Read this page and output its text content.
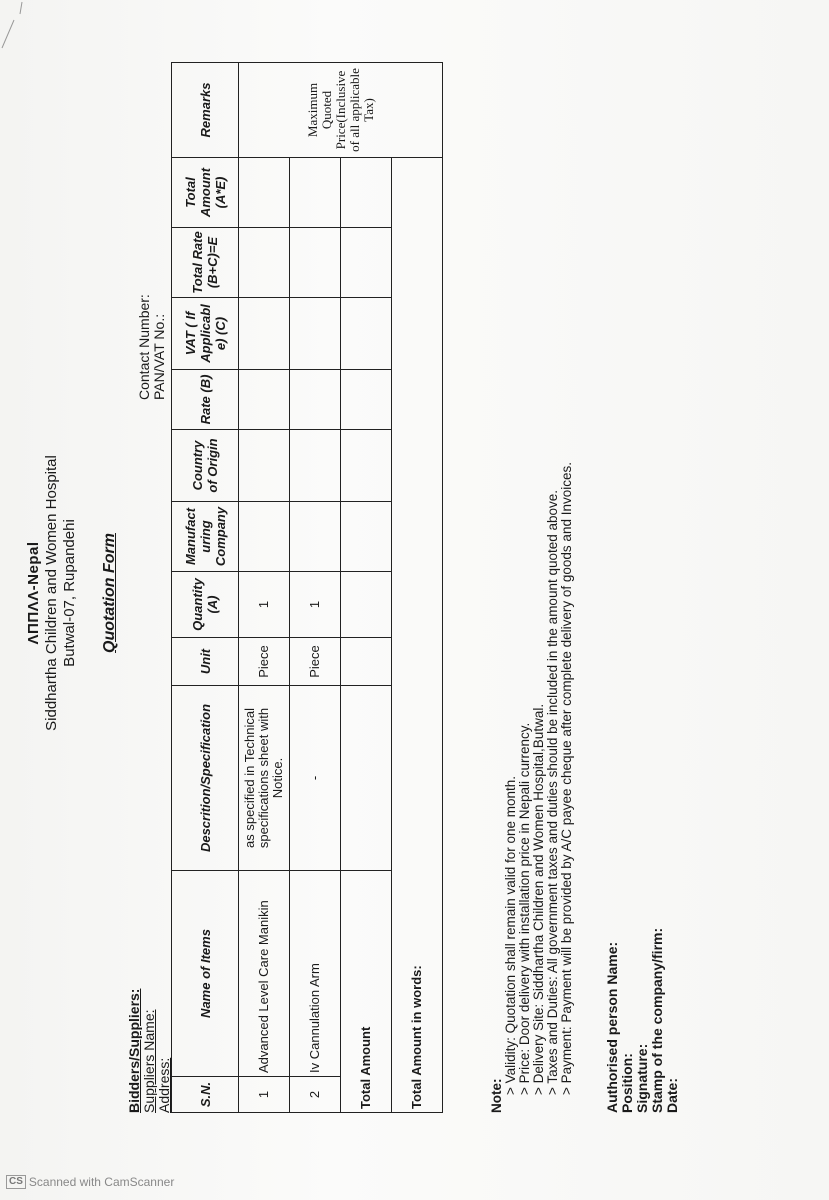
ΛΠΠΛΛ-Nepal Siddhartha Children and Women Hospital Butwal-07, Rupandehi Quotation Form
Bidders/Suppliers: Suppliers Name: Address:
Contact Number: PAN/VAT No.:
S.N.	Name of Items	Descrition/Specification	Unit	Quantity (A)	Manufact uring Company	Country of Origin	Rate (B)	VAT ( If Applicabl e) (C)	Total Rate (B+C)=E	Total Amount (A*E)	Remarks
1	Advanced Level Care Manikin	as specified in Technical specifications sheet with Notice.	Piece	1							Maximum Quoted Price(Inclusive of all applicable Tax)
2	Iv Cannulation Arm	-	Piece	1							
Total Amount											
Total Amount in words:												Note:
> Validity: Quotation shall remain valid for one month. > Price: Door delivery with installation price in Nepali currency. > Delivery Site: Siddhartha Children and Women Hospital,Butwal. > Taxes and Duties: All government taxes and duties should be included in the amount quoted above. > Payment: Payment will be provided by A/C payee cheque after complete delivery of goods and Invoices. Authorised person Name: Position: Signature: Stamp of the company/firm: Date:
CS Scanned with CamScanner
